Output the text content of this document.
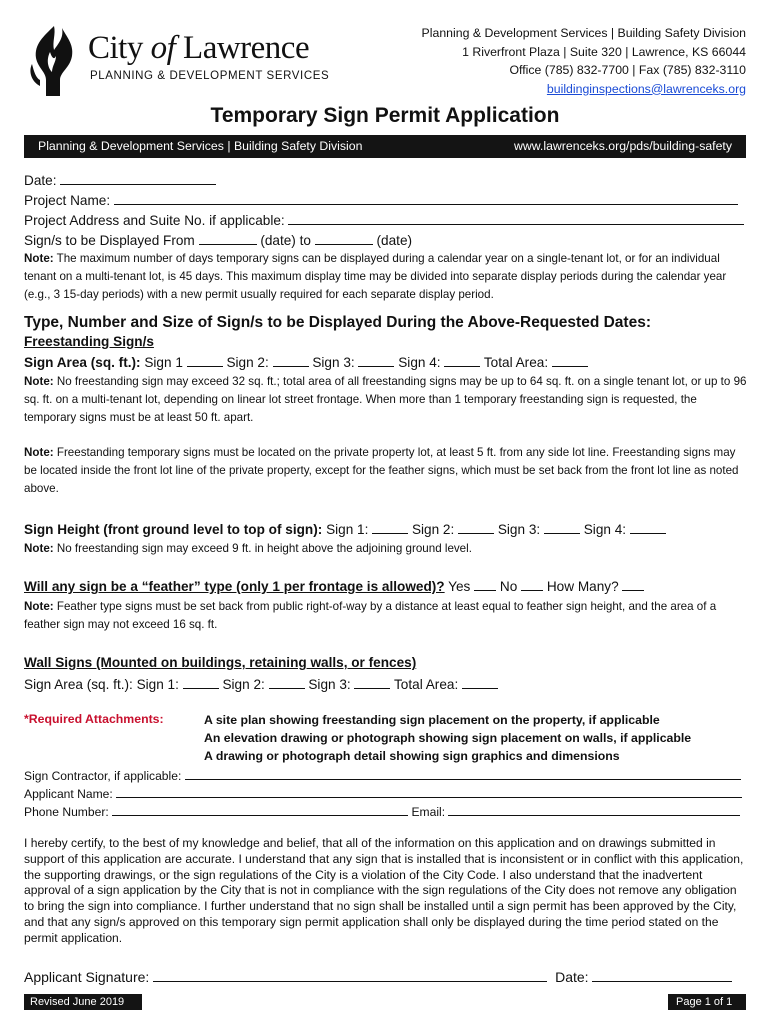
City of Lawrence
PLANNING & DEVELOPMENT SERVICES
Planning & Development Services | Building Safety Division
1 Riverfront Plaza | Suite 320 | Lawrence, KS 66044
Office (785) 832-7700 | Fax (785) 832-3110
buildinginspections@lawrenceks.org
Temporary Sign Permit Application
Planning & Development Services | Building Safety Division	www.lawrenceks.org/pds/building-safety
Date:
Project Name:
Project Address and Suite No. if applicable:
Sign/s to be Displayed From	(date) to	(date)
Note: The maximum number of days temporary signs can be displayed during a calendar year on a single-tenant lot, or for an individual tenant on a multi-tenant lot, is 45 days. This maximum display time may be divided into separate display periods during the calendar year (e.g., 3 15-day periods) with a new permit usually required for each separate display period.
Type, Number and Size of Sign/s to be Displayed During the Above-Requested Dates:
Freestanding Sign/s
Sign Area (sq. ft.): Sign 1	Sign 2:	Sign 3:	Sign 4:	Total Area:
Note: No freestanding sign may exceed 32 sq. ft.; total area of all freestanding signs may be up to 64 sq. ft. on a single tenant lot, or up to 96 sq. ft. on a multi-tenant lot, depending on linear lot street frontage. When more than 1 temporary freestanding sign is requested, the temporary signs must be at least 50 ft. apart.
Note: Freestanding temporary signs must be located on the private property lot, at least 5 ft. from any side lot line. Freestanding signs may be located inside the front lot line of the private property, except for the feather signs, which must be set back from the front lot line as noted above.
Sign Height (front ground level to top of sign): Sign 1:	Sign 2:	Sign 3:	Sign 4:
Note: No freestanding sign may exceed 9 ft. in height above the adjoining ground level.
Will any sign be a “feather” type (only 1 per frontage is allowed)? Yes No How Many?
Note: Feather type signs must be set back from public right-of-way by a distance at least equal to feather sign height, and the area of a feather sign may not exceed 16 sq. ft.
Wall Signs (Mounted on buildings, retaining walls, or fences)
Sign Area (sq. ft.): Sign 1:	Sign 2:	Sign 3:	Total Area:
*Required Attachments:	A site plan showing freestanding sign placement on the property, if applicable
An elevation drawing or photograph showing sign placement on walls, if applicable
A drawing or photograph detail showing sign graphics and dimensions
Sign Contractor, if applicable:
Applicant Name:
Phone Number:	Email:
I hereby certify, to the best of my knowledge and belief, that all of the information on this application and on drawings submitted in support of this application are accurate. I understand that any sign that is installed that is inconsistent or in conflict with this application, the supporting drawings, or the sign regulations of the City is a violation of the City Code. I also understand that the inadvertent approval of a sign application by the City that is not in compliance with the sign regulations of the City does not remove any obligation to bring the sign into compliance. I further understand that no sign shall be installed until a sign permit has been approved by the City, and that any sign/s approved on this temporary sign permit application shall only be displayed during the time period stated on the permit application.
Applicant Signature:	Date:
Revised June 2019	Page 1 of 1
